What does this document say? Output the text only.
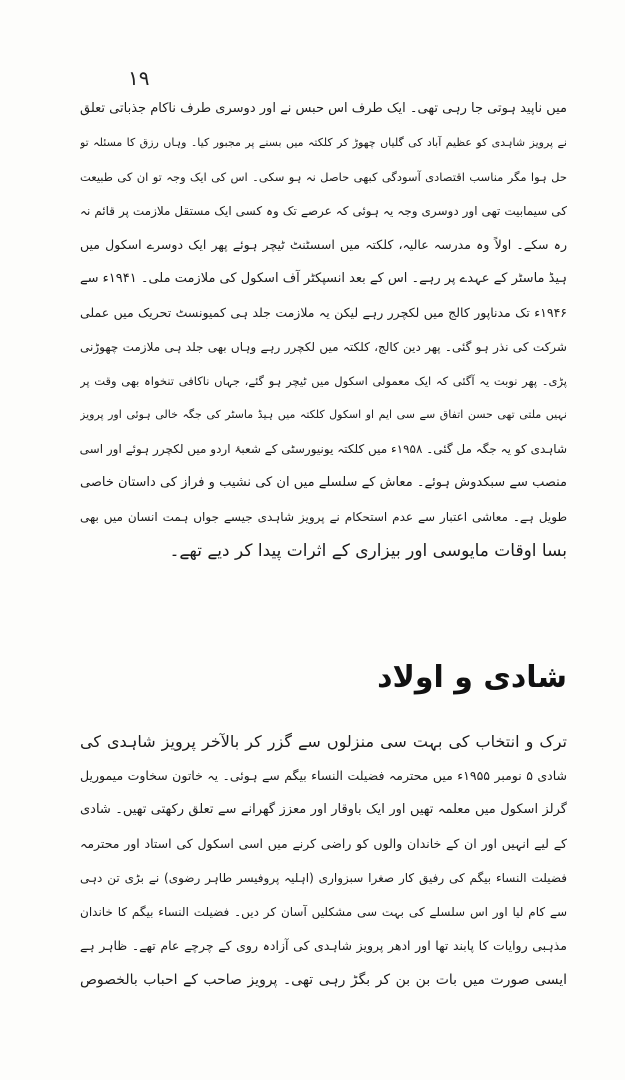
۱۹
میں ناپید ہوتی جا رہی تھی۔ ایک طرف اس حبس نے اور دوسری طرف ناکام جذباتی تعلق
نے پرویز شاہدی کو عظیم آباد کی گلیاں چھوڑ کر کلکتہ میں بسنے پر مجبور کیا۔ وہاں رزق کا مسئلہ تو
حل ہوا مگر مناسب اقتصادی آسودگی کبھی حاصل نہ ہو سکی۔ اس کی ایک وجہ تو ان کی طبیعت
کی سیمابیت تھی اور دوسری وجہ یہ ہوئی کہ عرصے تک وہ کسی ایک مستقل ملازمت پر قائم نہ
رہ سکے۔ اولاً وہ مدرسہ عالیہ، کلکتہ میں اسسٹنٹ ٹیچر ہوئے پھر ایک دوسرے اسکول میں
ہیڈ ماسٹر کے عہدے پر رہے۔ اس کے بعد انسپکٹر آف اسکول کی ملازمت ملی۔ ۱۹۴۱ء سے
۱۹۴۶ء تک مدناپور کالج میں لکچرر رہے لیکن یہ ملازمت جلد ہی کمیونسٹ تحریک میں عملی
شرکت کی نذر ہو گئی۔ پھر دین کالج، کلکتہ میں لکچرر رہے وہاں بھی جلد ہی ملازمت چھوڑنی
پڑی۔ پھر نوبت یہ آگئی کہ ایک معمولی اسکول میں ٹیچر ہو گئے، جہاں ناکافی تنخواہ بھی وقت پر
نہیں ملتی تھی حسن اتفاق سے سی ایم او اسکول کلکتہ میں ہیڈ ماسٹر کی جگہ خالی ہوئی اور پرویز
شاہدی کو یہ جگہ مل گئی۔ ۱۹۵۸ء میں کلکتہ یونیورسٹی کے شعبۂ اردو میں لکچرر ہوئے اور اسی
منصب سے سبکدوش ہوئے۔ معاش کے سلسلے میں ان کی نشیب و فراز کی داستان خاصی
طویل ہے۔ معاشی اعتبار سے عدم استحکام نے پرویز شاہدی جیسے جواں ہمت انسان میں بھی
بسا اوقات مایوسی اور بیزاری کے اثرات پیدا کر دیے تھے۔
شادی و اولاد
ترک و انتخاب کی بہت سی منزلوں سے گزر کر بالآخر پرویز شاہدی کی
شادی ۵ نومبر ۱۹۵۵ء میں محترمہ فضیلت النساء بیگم سے ہوئی۔ یہ خاتون سخاوت میموریل
گرلز اسکول میں معلمہ تھیں اور ایک باوقار اور معزز گھرانے سے تعلق رکھتی تھیں۔ شادی
کے لیے انہیں اور ان کے خاندان والوں کو راضی کرنے میں اسی اسکول کی استاد اور محترمہ
فضیلت النساء بیگم کی رفیق کار صغرا سبزواری (اہلیہ پروفیسر طاہر رضوی) نے بڑی تن دہی
سے کام لیا اور اس سلسلے کی بہت سی مشکلیں آسان کر دیں۔ فضیلت النساء بیگم کا خاندان
مذہبی روایات کا پابند تھا اور ادھر پرویز شاہدی کی آزادہ روی کے چرچے عام تھے۔ ظاہر ہے
ایسی صورت میں بات بن بن کر بگڑ رہی تھی۔ پرویز صاحب کے احباب بالخصوص
